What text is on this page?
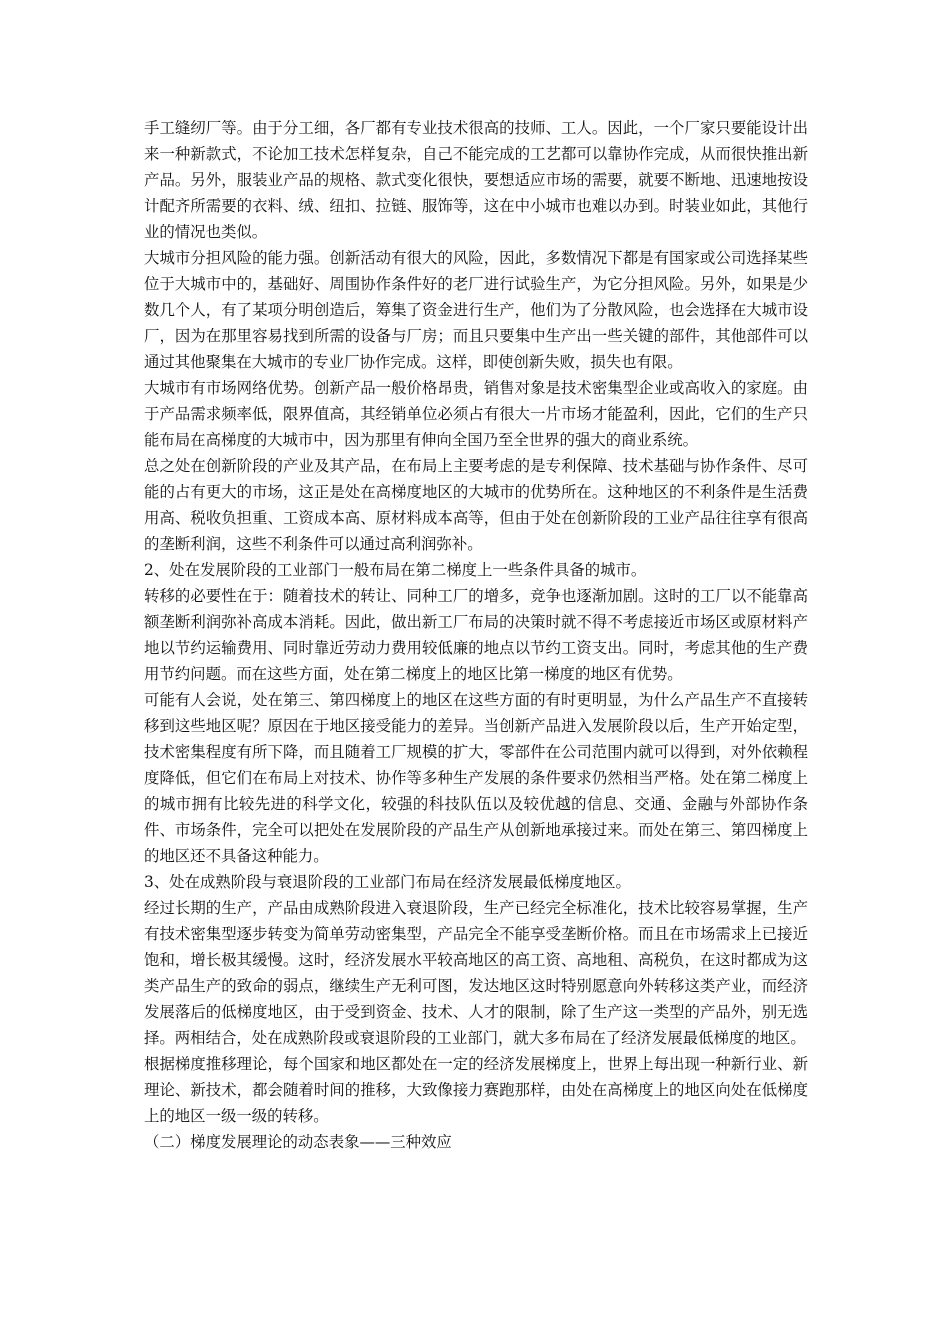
手工缝纫厂等。由于分工细，各厂都有专业技术很高的技师、工人。因此，一个厂家只要能设计出来一种新款式，不论加工技术怎样复杂，自己不能完成的工艺都可以靠协作完成，从而很快推出新产品。另外，服装业产品的规格、款式变化很快，要想适应市场的需要，就要不断地、迅速地按设计配齐所需要的衣料、绒、纽扣、拉链、服饰等，这在中小城市也难以办到。时装业如此，其他行业的情况也类似。

大城市分担风险的能力强。创新活动有很大的风险，因此，多数情况下都是有国家或公司选择某些位于大城市中的，基础好、周围协作条件好的老厂进行试验生产，为它分担风险。另外，如果是少数几个人，有了某项分明创造后，筹集了资金进行生产，他们为了分散风险，也会选择在大城市设厂，因为在那里容易找到所需的设备与厂房；而且只要集中生产出一些关键的部件，其他部件可以通过其他聚集在大城市的专业厂协作完成。这样，即使创新失败，损失也有限。

大城市有市场网络优势。创新产品一般价格昂贵，销售对象是技术密集型企业或高收入的家庭。由于产品需求频率低，限界值高，其经销单位必须占有很大一片市场才能盈利，因此，它们的生产只能布局在高梯度的大城市中，因为那里有伸向全国乃至全世界的强大的商业系统。

总之处在创新阶段的产业及其产品，在布局上主要考虑的是专利保障、技术基础与协作条件、尽可能的占有更大的市场，这正是处在高梯度地区的大城市的优势所在。这种地区的不利条件是生活费用高、税收负担重、工资成本高、原材料成本高等，但由于处在创新阶段的工业产品往往享有很高的垄断利润，这些不利条件可以通过高利润弥补。

2、处在发展阶段的工业部门一般布局在第二梯度上一些条件具备的城市。

转移的必要性在于：随着技术的转让、同种工厂的增多，竞争也逐渐加剧。这时的工厂以不能靠高额垄断利润弥补高成本消耗。因此，做出新工厂布局的决策时就不得不考虑接近市场区或原材料产地以节约运输费用、同时靠近劳动力费用较低廉的地点以节约工资支出。同时，考虑其他的生产费用节约问题。而在这些方面，处在第二梯度上的地区比第一梯度的地区有优势。

可能有人会说，处在第三、第四梯度上的地区在这些方面的有时更明显，为什么产品生产不直接转移到这些地区呢？原因在于地区接受能力的差异。当创新产品进入发展阶段以后，生产开始定型，技术密集程度有所下降，而且随着工厂规模的扩大，零部件在公司范围内就可以得到，对外依赖程度降低，但它们在布局上对技术、协作等多种生产发展的条件要求仍然相当严格。处在第二梯度上的城市拥有比较先进的科学文化，较强的科技队伍以及较优越的信息、交通、金融与外部协作条件、市场条件，完全可以把处在发展阶段的产品生产从创新地承接过来。而处在第三、第四梯度上的地区还不具备这种能力。

3、处在成熟阶段与衰退阶段的工业部门布局在经济发展最低梯度地区。

经过长期的生产，产品由成熟阶段进入衰退阶段，生产已经完全标准化，技术比较容易掌握，生产有技术密集型逐步转变为简单劳动密集型，产品完全不能享受垄断价格。而且在市场需求上已接近饱和，增长极其缓慢。这时，经济发展水平较高地区的高工资、高地租、高税负，在这时都成为这类产品生产的致命的弱点，继续生产无利可图，发达地区这时特别愿意向外转移这类产业，而经济发展落后的低梯度地区，由于受到资金、技术、人才的限制，除了生产这一类型的产品外，别无选择。两相结合，处在成熟阶段或衰退阶段的工业部门，就大多布局在了经济发展最低梯度的地区。

根据梯度推移理论，每个国家和地区都处在一定的经济发展梯度上，世界上每出现一种新行业、新理论、新技术，都会随着时间的推移，大致像接力赛跑那样，由处在高梯度上的地区向处在低梯度上的地区一级一级的转移。

（二）梯度发展理论的动态表象——三种效应
